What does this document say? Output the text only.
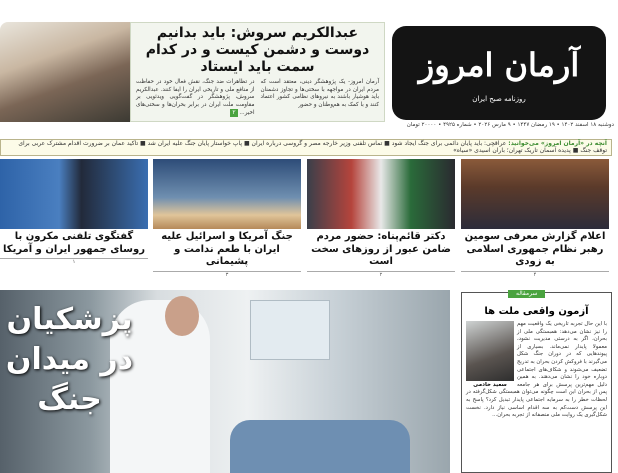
عبدالکریم سروش: باید بدانیم دوست و دشمن کیست و در کدام سمت باید ایستاد

آرمان امروز- یک پژوهشگر دینی، معتقد است که مردم ایران در مواجهه با سختی‌ها و تجاوز دشمنان باید هوشیار باشند به نیروهای نظامی کشور اعتماد کنند و با کمک به هم‌وطنان و حضور

در تظاهرات ضد جنگ، نقش فعال خود در حفاظت از منافع ملی و تاریخی ایران را ایفا کنند. عبدالکریم سروش، پژوهشگر در گفت‌گویی ویدئویی بر مقاومت ملت ایران در برابر بحران‌ها و سختی‌های اخیر... ۲

آرمان امروز
روزنامه صبح ایران
دوشنبه ۱۸ اسفند ۱۴۰۲ • ۱۹ رمضان ۱۴۴۷ • ۹ مارس ۲۰۲۶ • شماره ۴۹۲۵ • ۲۰۰۰۰ تومان
آنچه در «آرمان امروز» می‌خوانید: عراقچی: باید پایان دائمی برای جنگ ایجاد شود ■ تماس تلفنی وزیر خارجه مصر و گروسی درباره ایران ■ پاپ خواستار پایان جنگ علیه ایران شد ■ تاکید عمان بر ضرورت اقدام مشترک عربی برای توقف جنگ ■ پدیده آسمان تاریک تهران؛ باران اسیدی «سیاه»
اعلام گزارش معرفی سومین رهبر نظام جمهوری اسلامی به زودی
۴
دکتر قائم‌پناه: حضور مردم ضامن عبور از روزهای سخت است
۲
جنگ آمریکا و اسرائیل علیه ایران با طعم ندامت و پشیمانی
۳
گفتگوی تلفنی مکرون با روسای جمهور ایران و آمریکا
۱
پزشکیان در میدان جنگ
آزمون واقعی ملت ها
سعید خادمی
با این حال تجربه تاریخی یک واقعیت مهم را نیز نشان می‌دهد: همبستگی ملی از بحران، اگر به درستی مدیریت نشود، معمولا پایدار نمی‌ماند. بسیاری از پیوندهایی که در دوران جنگ شکل می‌گیرند با فروکش کردن بحران به تدریج تضعیف می‌شوند و شکاف‌های اجتماعی دوباره خود را نشان می‌دهند. به همین دلیل مهم‌ترین پرسش برای هر جامعه پس از بحران این است چگونه می‌توان همبستگی شکل‌گرفته در لحظات خطر را به سرمایه اجتماعی پایدار تبدیل کرد؟ پاسخ به این پرسش دست‌کم به سه اقدام اساسی نیاز دارد. نخست شکل‌گیری یک روایت ملی منصفانه از تجربه بحران...
سرمقاله
